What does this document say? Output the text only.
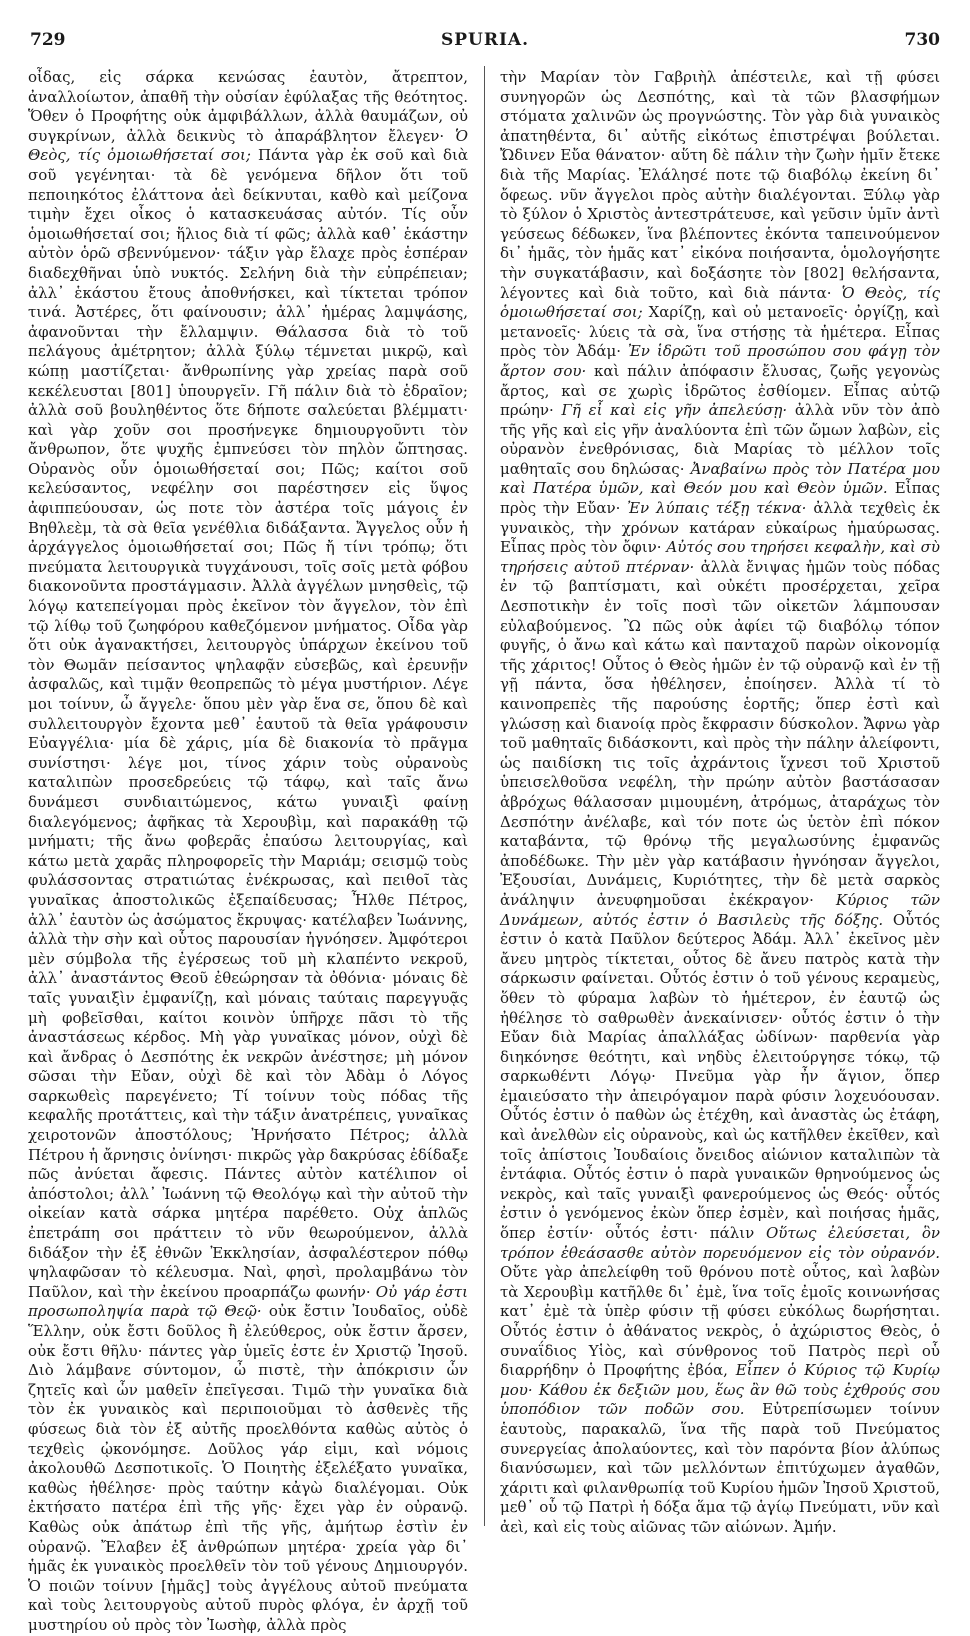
729	SPURIA.	730

οἶδας, εἰς σάρκα κενώσας ἑαυτὸν, ἄτρεπτον, ἀναλλοίωτον, ἀπαθῆ τὴν οὐσίαν ἐφύλαξας τῆς θεότητος. Ὅθεν ὁ Προφήτης οὐκ ἀμφιβάλλων, ἀλλὰ θαυμάζων, οὐ συγκρίνων, ἀλλὰ δεικνὺς τὸ ἀπαράβλητον ἔλεγεν· Ὁ Θεὸς, τίς ὁμοιωθήσεταί σοι; Πάντα γὰρ ἐκ σοῦ καὶ διὰ σοῦ γεγένηται· τὰ δὲ γενόμενα δῆλον ὅτι τοῦ πεποιηκότος ἐλάττονα ἀεὶ δείκνυται, καθὸ καὶ μείζονα τιμὴν ἔχει οἶκος ὁ κατασκευάσας αὐτόν. Τίς οὖν ὁμοιωθήσεταί σοι; ἥλιος διὰ τί φῶς; ἀλλὰ καθ᾿ ἑκάστην αὐτὸν ὁρῶ σβεννύμενον· τάξιν γὰρ ἔλαχε πρὸς ἑσπέραν διαδεχθῆναι ὑπὸ νυκτός. Σελήνη διὰ τὴν εὐπρέπειαν; ἀλλ᾿ ἑκάστου ἔτους ἀποθνήσκει, καὶ τίκτεται τρόπον τινά. Ἀστέρες, ὅτι φαίνουσιν; ἀλλ᾿ ἡμέρας λαμψάσης, ἀφανοῦνται τὴν ἔλλαμψιν. Θάλασσα διὰ τὸ τοῦ πελάγους ἀμέτρητον; ἀλλὰ ξύλῳ τέμνεται μικρῷ, καὶ κώπῃ μαστίζεται· ἄνθρωπίνης γὰρ χρείας παρὰ σοῦ κεκέλευσται [801] ὑπουργεῖν. Γῆ πάλιν διὰ τὸ ἑδραῖον; ἀλλὰ σοῦ βουληθέντος ὅτε δήποτε σαλεύεται βλέμματι· καὶ γὰρ χοῦν σοι προσήνεγκε δημιουργοῦντι τὸν ἄνθρωπον, ὅτε ψυχῆς ἐμπνεύσει τὸν πηλὸν ὤπτησας. Οὐρανὸς οὖν ὁμοιωθήσεταί σοι; Πῶς; καίτοι σοῦ κελεύσαντος, νεφέλην σοι παρέστησεν εἰς ὕψος ἀφιππεύουσαν, ὡς ποτε τὸν ἀστέρα τοῖς μάγοις ἐν Βηθλεὲμ, τὰ σὰ θεῖα γενέθλια διδάξαντα. Ἄγγελος οὖν ἡ ἀρχάγγελος ὁμοιωθήσεταί σοι; Πῶς ἤ τίνι τρόπῳ; ὅτι πνεύματα λειτουργικὰ τυγχάνουσι, τοῖς σοῖς μετὰ φόβου διακονοῦντα προστάγμασιν. Ἀλλὰ ἀγγέλων μνησθεὶς, τῷ λόγῳ κατεπείγομαι πρὸς ἐκεῖνον τὸν ἄγγελον, τὸν ἐπὶ τῷ λίθῳ τοῦ ζωηφόρου καθεζόμενον μνήματος. Οἶδα γὰρ ὅτι οὐκ ἀγανακτήσει, λειτουργὸς ὑπάρχων ἐκείνου τοῦ τὸν Θωμᾶν πείσαντος ψηλαφᾷν εὐσεβῶς, καὶ ἐρευνῇν ἀσφαλῶς, καὶ τιμᾷν θεοπρεπῶς τὸ μέγα μυστήριον. Λέγε μοι τοίνυν, ὦ ἄγγελε· ὅπου μὲν γὰρ ἕνα σε, ὅπου δὲ καὶ συλλειτουργὸν ἔχοντα μεθ᾿ ἑαυτοῦ τὰ θεῖα γράφουσιν Εὐαγγέλια· μία δὲ χάρις, μία δὲ διακονία τὸ πρᾶγμα συνίστησι· λέγε μοι, τίνος χάριν τοὺς οὐρανοὺς καταλιπὼν προσεδρεύεις τῷ τάφῳ, καὶ ταῖς ἄνω δυνάμεσι συνδιαιτώμενος, κάτω γυναιξὶ φαίνῃ διαλεγόμενος; ἀφῆκας τὰ Χερουβὶμ, καὶ παρακάθῃ τῷ μνήματι; τῆς ἄνω φοβερᾶς ἐπαύσω λειτουργίας, καὶ κάτω μετὰ χαρᾶς πληροφορεῖς τὴν Μαριάμ; σεισμῷ τοὺς φυλάσσοντας στρατιώτας ἐνέκρωσας, καὶ πειθοῖ τὰς γυναῖκας ἀποστολικῶς ἐξεπαίδευσας; Ἦλθε Πέτρος, ἀλλ᾿ ἑαυτὸν ὡς ἀσώματος ἔκρυψας· κατέλαβεν Ἰωάννης, ἀλλὰ τὴν σὴν καὶ οὗτος παρουσίαν ἠγνόησεν. Ἀμφότεροι μὲν σύμβολα τῆς ἐγέρσεως τοῦ μὴ κλαπέντο νεκροῦ, ἀλλ᾿ ἀναστάντος Θεοῦ ἐθεώρησαν τὰ ὀθόνια· μόναις δὲ ταῖς γυναιξὶν ἐμφανίζῃ, καὶ μόναις ταύταις παρεγγυᾷς μὴ φοβεῖσθαι, καίτοι κοινὸν ὑπῆρχε πᾶσι τὸ τῆς ἀναστάσεως κέρδος. Μὴ γὰρ γυναῖκας μόνον, οὐχὶ δὲ καὶ ἄνδρας ὁ Δεσπότης ἐκ νεκρῶν ἀνέστησε; μὴ μόνον σῶσαι τὴν Εὔαν, οὐχὶ δὲ καὶ τὸν Ἀδὰμ ὁ Λόγος σαρκωθεὶς παρεγένετο; Τί τοίνυν τοὺς πόδας τῆς κεφαλῆς προτάττεις, καὶ τὴν τάξιν ἀνατρέπεις, γυναῖκας χειροτονῶν ἀποστόλους; Ἠρνήσατο Πέτρος; ἀλλὰ Πέτρου ἡ ἄρνησις ὀνίνησι· πικρῶς γὰρ δακρύσας ἐδίδαξε πῶς ἀνύεται ἄφεσις. Πάντες αὐτὸν κατέλιπον οἱ ἀπόστολοι; ἀλλ᾿ Ἰωάννη τῷ Θεολόγῳ καὶ τὴν αὐτοῦ τὴν οἰκείαν κατὰ σάρκα μητέρα παρέθετο. Οὐχ ἁπλῶς ἐπετράπη σοι πράττειν τὸ νῦν θεωρούμενον, ἀλλὰ διδάξον τὴν ἐξ ἐθνῶν Ἐκκλησίαν, ἀσφαλέστερον πόθῳ ψηλαφῶσαν τὸ κέλευσμα. Ναὶ, φησὶ, προλαμβάνω τὸν Παῦλον, καὶ τὴν ἐκείνου προαρπάζω φωνήν· Οὐ γάρ ἐστι προσωποληψία παρὰ τῷ Θεῷ· οὐκ ἔστιν Ἰουδαῖος, οὐδὲ Ἕλλην, οὐκ ἔστι δοῦλος ἢ ἐλεύθερος, οὐκ ἔστιν ἄρσεν, οὐκ ἔστι θῆλυ· πάντες γὰρ ὑμεῖς ἐστε ἐν Χριστῷ Ἰησοῦ. Διὸ λάμβανε σύντομον, ὦ πιστὲ, τὴν ἀπόκρισιν ὧν ζητεῖς καὶ ὧν μαθεῖν ἐπεῖγεσαι. Τιμῶ τὴν γυναῖκα διὰ τὸν ἐκ γυναικὸς καὶ περιποιοῦμαι τὸ ἀσθενὲς τῆς φύσεως διὰ τὸν ἐξ αὐτῆς προελθόντα καθὼς αὐτὸς ὁ τεχθεὶς ᾠκονόμησε. Δοῦλος γάρ εἰμι, καὶ νόμοις ἀκολουθῶ Δεσποτικοῖς. Ὁ Ποιητὴς ἐξελέξατο γυναῖκα, καθὼς ἠθέλησε· πρὸς ταύτην κἀγὼ διαλέγομαι. Οὐκ ἐκτήσατο πατέρα ἐπὶ τῆς γῆς· ἔχει γὰρ ἐν οὐρανῷ. Καθὼς οὐκ ἀπάτωρ ἐπὶ τῆς γῆς, ἀμήτωρ ἐστὶν ἐν οὐρανῷ. Ἔλαβεν ἐξ ἀνθρώπων μητέρα· χρεία γὰρ δι᾿ ἡμᾶς ἐκ γυναικὸς προελθεῖν τὸν τοῦ γένους Δημιουργόν. Ὁ ποιῶν τοίνυν [ἡμᾶς] τοὺς ἀγγέλους αὐτοῦ πνεύματα καὶ τοὺς λειτουργοὺς αὐτοῦ πυρὸς φλόγα, ἐν ἀρχῇ τοῦ μυστηρίου οὐ πρὸς τὸν Ἰωσὴφ, ἀλλὰ πρὸς

τὴν Μαρίαν τὸν Γαβριὴλ ἀπέστειλε, καὶ τῇ φύσει συνηγορῶν ὡς Δεσπότης, καὶ τὰ τῶν βλασφήμων στόματα χαλινῶν ὡς προγνώστης. Τὸν γὰρ διὰ γυναικὸς ἀπατηθέντα, δι᾿ αὐτῆς εἰκότως ἐπιστρέψαι βούλεται. Ὤδινεν Εὔα θάνατον· αὕτη δὲ πάλιν τὴν ζωὴν ἡμῖν ἔτεκε διὰ τῆς Μαρίας. Ἐλάλησέ ποτε τῷ διαβόλῳ ἐκείνη δι᾿ ὄφεως. νῦν ἄγγελοι πρὸς αὐτὴν διαλέγονται. Ξύλῳ γὰρ τὸ ξύλον ὁ Χριστὸς ἀντεστράτευσε, καὶ γεῦσιν ὑμῖν ἀντὶ γεύσεως δέδωκεν, ἵνα βλέποντες ἑκόντα ταπεινούμενον δι᾿ ἡμᾶς, τὸν ἡμᾶς κατ᾿ εἰκόνα ποιήσαντα, ὁμολογήσητε τὴν συγκατάβασιν, καὶ δοξάσητε τὸν [802] θελήσαντα, λέγοντες καὶ διὰ τοῦτο, καὶ διὰ πάντα· Ὁ Θεὸς, τίς ὁμοιωθήσεταί σοι; Χαρίζῃ, καὶ οὐ μετανοεῖς· ὀργίζῃ, καὶ μετανοεῖς· λύεις τὰ σὰ, ἵνα στήσῃς τὰ ἡμέτερα. Εἶπας πρὸς τὸν Ἀδάμ· Ἐν ἱδρῶτι τοῦ προσώπου σου φάγῃ τὸν ἄρτον σου· καὶ πάλιν ἀπόφασιν ἔλυσας, ζωῆς γεγονὼς ἄρτος, καὶ σε χωρὶς ἱδρῶτος ἐσθίομεν. Εἶπας αὐτῷ πρώην· Γῆ εἶ καὶ εἰς γῆν ἀπελεύσῃ· ἀλλὰ νῦν τὸν ἀπὸ τῆς γῆς καὶ εἰς γῆν ἀναλύοντα ἐπὶ τῶν ὤμων λαβὼν, εἰς οὐρανὸν ἐνεθρόνισας, διὰ Μαρίας τὸ μέλλον τοῖς μαθηταῖς σου δηλώσας· Ἀναβαίνω πρὸς τὸν Πατέρα μου καὶ Πατέρα ὑμῶν, καὶ Θεόν μου καὶ Θεὸν ὑμῶν. Εἶπας πρὸς τὴν Εὔαν· Ἐν λύπαις τέξῃ τέκνα· ἀλλὰ τεχθεὶς ἐκ γυναικὸς, τὴν χρόνων κατάραν εὐκαίρως ἠμαύρωσας. Εἶπας πρὸς τὸν ὄφιν· Αὐτός σου τηρήσει κεφαλὴν, καὶ σὺ τηρήσεις αὐτοῦ πτέρναν· ἀλλὰ ἔνιψας ἡμῶν τοὺς πόδας ἐν τῷ βαπτίσματι, καὶ οὐκέτι προσέρχεται, χεῖρα Δεσποτικὴν ἐν τοῖς ποσὶ τῶν οἰκετῶν λάμπουσαν εὐλαβούμενος. Ὢ πῶς οὐκ ἀφίει τῷ διαβόλῳ τόπον φυγῆς, ὁ ἄνω καὶ κάτω καὶ πανταχοῦ παρὼν οἰκονομίᾳ τῆς χάριτος! Οὗτος ὁ Θεὸς ἡμῶν ἐν τῷ οὐρανῷ καὶ ἐν τῇ γῇ πάντα, ὅσα ἠθέλησεν, ἐποίησεν. Ἀλλὰ τί τὸ καινοπρεπὲς τῆς παρούσης ἑορτῆς; ὅπερ ἐστὶ καὶ γλώσσῃ καὶ διανοίᾳ πρὸς ἔκφρασιν δύσκολον. Ἄφνω γὰρ τοῦ μαθηταῖς διδάσκοντι, καὶ πρὸς τὴν πάλην ἀλείφοντι, ὡς παιδίσκη τις τοῖς ἀχράντοις ἴχνεσι τοῦ Χριστοῦ ὑπεισελθοῦσα νεφέλη, τὴν πρώην αὐτὸν βαστάσασαν ἀβρόχως θάλασσαν μιμουμένη, ἀτρόμως, ἀταράχως τὸν Δεσπότην ἀνέλαβε, καὶ τόν ποτε ὡς ὑετὸν ἐπὶ πόκον καταβάντα, τῷ θρόνῳ τῆς μεγαλωσύνης ἐμφανῶς ἀποδέδωκε. Τὴν μὲν γὰρ κατάβασιν ἠγνόησαν ἄγγελοι, Ἐξουσίαι, Δυνάμεις, Κυριότητες, τὴν δὲ μετὰ σαρκὸς ἀνάληψιν ἀνευφημοῦσαι ἐκέκραγον· Κύριος τῶν Δυνάμεων, αὐτός ἐστιν ὁ Βασιλεὺς τῆς δόξης. Οὗτός ἐστιν ὁ κατὰ Παῦλον δεύτερος Ἀδάμ. Ἀλλ᾿ ἐκεῖνος μὲν ἄνευ μητρὸς τίκτεται, οὗτος δὲ ἄνευ πατρὸς κατὰ τὴν σάρκωσιν φαίνεται. Οὗτός ἐστιν ὁ τοῦ γένους κεραμεὺς, ὅθεν τὸ φύραμα λαβὼν τὸ ἡμέτερον, ἐν ἑαυτῷ ὡς ἠθέλησε τὸ σαθρωθὲν ἀνεκαίνισεν· οὗτός ἐστιν ὁ τὴν Εὔαν διὰ Μαρίας ἀπαλλάξας ὠδίνων· παρθενία γὰρ διηκόνησε θεότητι, καὶ νηδὺς ἐλειτούργησε τόκῳ, τῷ σαρκωθέντι Λόγῳ· Πνεῦμα γὰρ ἦν ἅγιον, ὅπερ ἐμαιεύσατο τὴν ἀπειρόγαμον παρὰ φύσιν λοχευόουσαν. Οὗτός ἐστιν ὁ παθὼν ὡς ἐτέχθη, καὶ ἀναστὰς ὡς ἐτάφη, καὶ ἀνελθὼν εἰς οὐρανοὺς, καὶ ὡς κατῆλθεν ἐκεῖθεν, καὶ τοῖς ἀπίστοις Ἰουδαίοις ὄνειδος αἰώνιον καταλιπὼν τὰ ἐντάφια. Οὗτός ἐστιν ὁ παρὰ γυναικῶν θρηνούμενος ὡς νεκρὸς, καὶ ταῖς γυναιξὶ φανερούμενος ὡς Θεός· οὗτός ἐστιν ὁ γενόμενος ἐκὼν ὅπερ ἐσμὲν, καὶ ποιήσας ἡμᾶς, ὅπερ ἐστίν· οὗτός ἐστι· πάλιν Οὕτως ἐλεύσεται, ὃν τρόπον ἐθεάσασθε αὐτὸν πορευόμενον εἰς τὸν οὐρανόν. Οὔτε γὰρ ἀπελείφθη τοῦ θρόνου ποτὲ οὗτος, καὶ λαβὼν τὰ Χερουβὶμ κατῆλθε δι᾿ ἐμὲ, ἵνα τοῖς ἐμοῖς κοινωνήσας κατ᾿ ἐμὲ τὰ ὑπὲρ φύσιν τῇ φύσει εὐκόλως δωρήσηται. Οὗτός ἐστιν ὁ ἀθάνατος νεκρὸς, ὁ ἀχώριστος Θεὸς, ὁ συναΐδιος Υἱὸς, καὶ σύνθρονος τοῦ Πατρὸς περὶ οὗ διαρρήδην ὁ Προφήτης ἐβόα, Εἶπεν ὁ Κύριος τῷ Κυρίῳ μου· Κάθου ἐκ δεξιῶν μου, ἕως ἂν θῶ τοὺς ἐχθρούς σου ὑποπόδιον τῶν ποδῶν σου. Εὐτρεπίσωμεν τοίνυν ἑαυτοὺς, παρακαλῶ, ἵνα τῆς παρὰ τοῦ Πνεύματος συνεργείας ἀπολαύοντες, καὶ τὸν παρόντα βίον ἀλύπως διανύσωμεν, καὶ τῶν μελλόντων ἐπιτύχωμεν ἀγαθῶν, χάριτι καὶ φιλανθρωπίᾳ τοῦ Κυρίου ἡμῶν Ἰησοῦ Χριστοῦ, μεθ᾿ οὗ τῷ Πατρὶ ἡ δόξα ἅμα τῷ ἁγίῳ Πνεύματι, νῦν καὶ ἀεὶ, καὶ εἰς τοὺς αἰῶνας τῶν αἰώνων. Ἀμήν.
